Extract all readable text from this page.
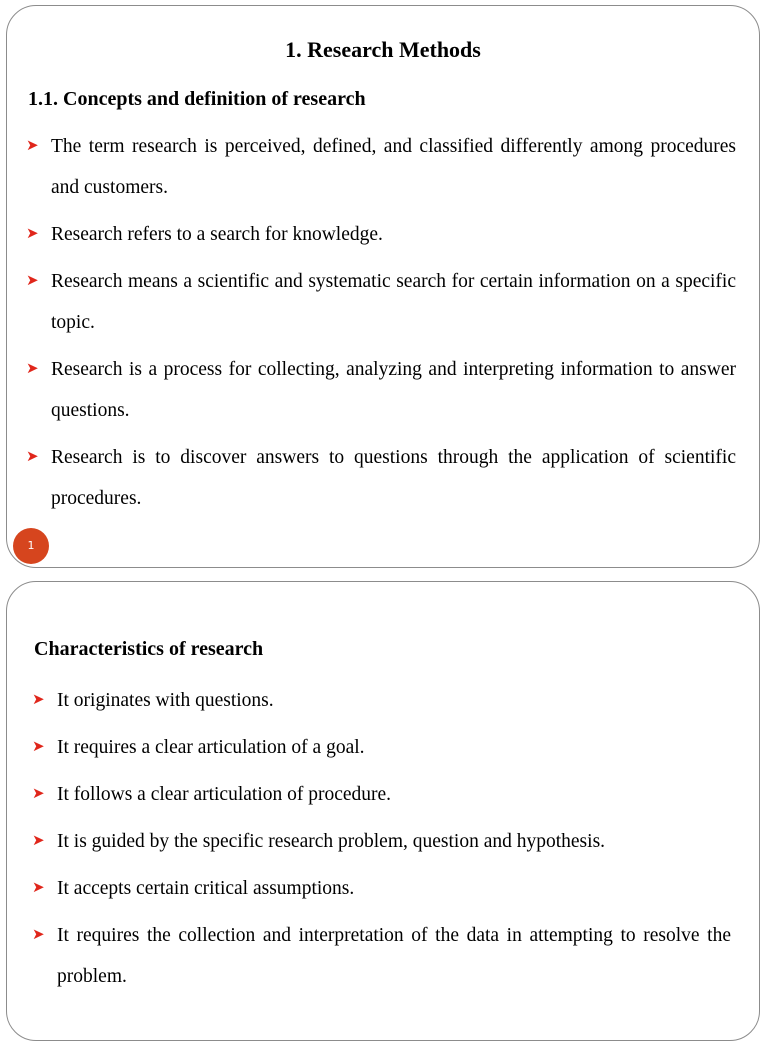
1. Research Methods
1.1. Concepts and definition of research
➤ The term research is perceived, defined, and classified differently among procedures and customers.
➤ Research refers to a search for knowledge.
➤ Research means a scientific and systematic search for certain information on a specific topic.
➤ Research is a process for collecting, analyzing and interpreting information to answer questions.
➤ Research is to discover answers to questions through the application of scientific procedures.
1
Characteristics of research
➤ It originates with questions.
➤ It requires a clear articulation of a goal.
➤ It follows a clear articulation of procedure.
➤ It is guided by the specific research problem, question and hypothesis.
➤ It accepts certain critical assumptions.
➤ It requires the collection and interpretation of the data in attempting to resolve the problem.
